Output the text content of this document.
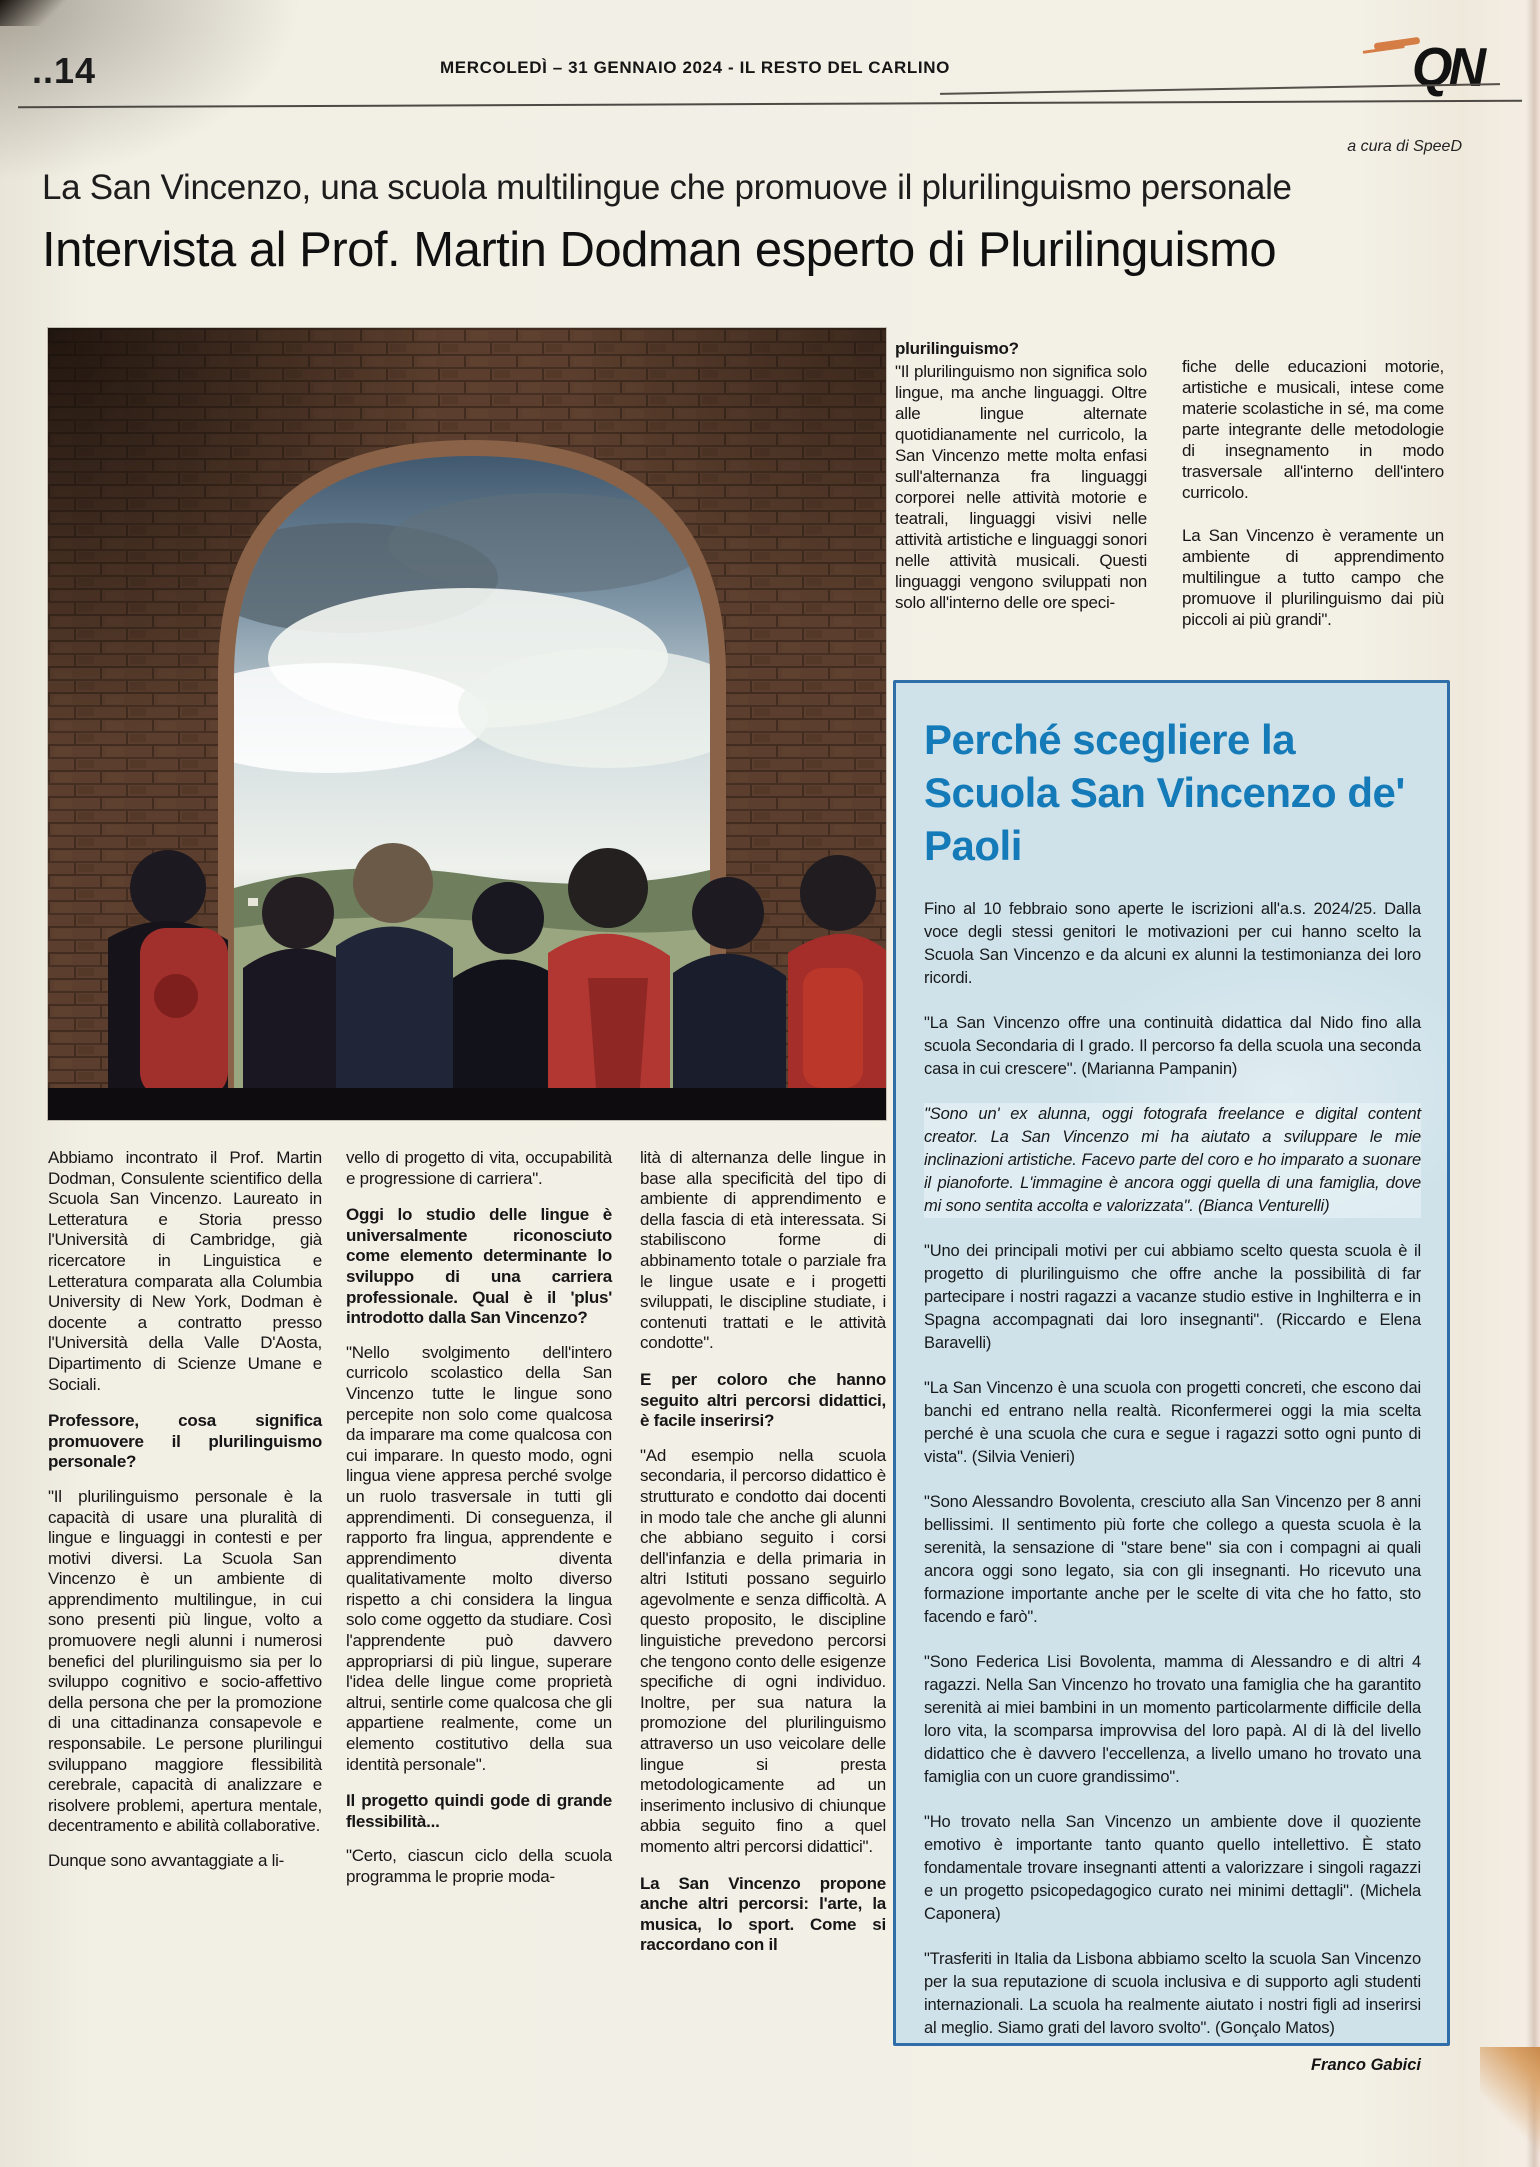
..14	MERCOLEDÌ – 31 GENNAIO 2024 - IL RESTO DEL CARLINO	QN
a cura di SpeeD
La San Vincenzo, una scuola multilingue che promuove il plurilinguismo personale
Intervista al Prof. Martin Dodman esperto di Plurilinguismo

plurilinguismo?

"Il plurilinguismo non significa solo lingue, ma anche linguaggi. Oltre alle lingue alternate quotidianamente nel curricolo, la San Vincenzo mette molta enfasi sull'alternanza fra linguaggi corporei nelle attività motorie e teatrali, linguaggi visivi nelle attività artistiche e linguaggi sonori nelle attività musicali. Questi linguaggi vengono sviluppati non solo all'interno delle ore speci-

fiche delle educazioni motorie, artistiche e musicali, intese come materie scolastiche in sé, ma come parte integrante delle metodologie di insegnamento in modo trasversale all'interno dell'intero curricolo.

La San Vincenzo è veramente un ambiente di apprendimento multilingue a tutto campo che promuove il plurilinguismo dai più piccoli ai più grandi".

Perché scegliere la Scuola San Vincenzo de' Paoli

Fino al 10 febbraio sono aperte le iscrizioni all'a.s. 2024/25. Dalla voce degli stessi genitori le motivazioni per cui hanno scelto la Scuola San Vincenzo e da alcuni ex alunni la testimonianza dei loro ricordi.

"La San Vincenzo offre una continuità didattica dal Nido fino alla scuola Secondaria di I grado. Il percorso fa della scuola una seconda casa in cui crescere". (Marianna Pampanin)

"Sono un' ex alunna, oggi fotografa freelance e digital content creator. La San Vincenzo mi ha aiutato a sviluppare le mie inclinazioni artistiche. Facevo parte del coro e ho imparato a suonare il pianoforte. L'immagine è ancora oggi quella di una famiglia, dove mi sono sentita accolta e valorizzata". (Bianca Venturelli)

"Uno dei principali motivi per cui abbiamo scelto questa scuola è il progetto di plurilinguismo che offre anche la possibilità di far partecipare i nostri ragazzi a vacanze studio estive in Inghilterra e in Spagna accompagnati dai loro insegnanti". (Riccardo e Elena Baravelli)

"La San Vincenzo è una scuola con progetti concreti, che escono dai banchi ed entrano nella realtà. Riconfermerei oggi la mia scelta perché è una scuola che cura e segue i ragazzi sotto ogni punto di vista". (Silvia Venieri)

"Sono Alessandro Bovolenta, cresciuto alla San Vincenzo per 8 anni bellissimi. Il sentimento più forte che collego a questa scuola è la serenità, la sensazione di "stare bene" sia con i compagni ai quali ancora oggi sono legato, sia con gli insegnanti. Ho ricevuto una formazione importante anche per le scelte di vita che ho fatto, sto facendo e farò".

"Sono Federica Lisi Bovolenta, mamma di Alessandro e di altri 4 ragazzi. Nella San Vincenzo ho trovato una famiglia che ha garantito serenità ai miei bambini in un momento particolarmente difficile della loro vita, la scomparsa improvvisa del loro papà. Al di là del livello didattico che è davvero l'eccellenza, a livello umano ho trovato una famiglia con un cuore grandissimo".

"Ho trovato nella San Vincenzo un ambiente dove il quoziente emotivo è importante tanto quanto quello intellettivo. È stato fondamentale trovare insegnanti attenti a valorizzare i singoli ragazzi e un progetto psicopedagogico curato nei minimi dettagli". (Michela Caponera)

"Trasferiti in Italia da Lisbona abbiamo scelto la scuola San Vincenzo per la sua reputazione di scuola inclusiva e di supporto agli studenti internazionali. La scuola ha realmente aiutato i nostri figli ad inserirsi al meglio. Siamo grati del lavoro svolto". (Gonçalo Matos)

Franco Gabici

Abbiamo incontrato il Prof. Martin Dodman, Consulente scientifico della Scuola San Vincenzo. Laureato in Letteratura e Storia presso l'Università di Cambridge, già ricercatore in Linguistica e Letteratura comparata alla Columbia University di New York, Dodman è docente a contratto presso l'Università della Valle D'Aosta, Dipartimento di Scienze Umane e Sociali.

Professore, cosa significa promuovere il plurilinguismo personale?

"Il plurilinguismo personale è la capacità di usare una pluralità di lingue e linguaggi in contesti e per motivi diversi. La Scuola San Vincenzo è un ambiente di apprendimento multilingue, in cui sono presenti più lingue, volto a promuovere negli alunni i numerosi benefici del plurilinguismo sia per lo sviluppo cognitivo e socio-affettivo della persona che per la promozione di una cittadinanza consapevole e responsabile. Le persone plurilingui sviluppano maggiore flessibilità cerebrale, capacità di analizzare e risolvere problemi, apertura mentale, decentramento e abilità collaborative.

Dunque sono avvantaggiate a li-

vello di progetto di vita, occupabilità e progressione di carriera".

Oggi lo studio delle lingue è universalmente riconosciuto come elemento determinante lo sviluppo di una carriera professionale. Qual è il 'plus' introdotto dalla San Vincenzo?

"Nello svolgimento dell'intero curricolo scolastico della San Vincenzo tutte le lingue sono percepite non solo come qualcosa da imparare ma come qualcosa con cui imparare. In questo modo, ogni lingua viene appresa perché svolge un ruolo trasversale in tutti gli apprendimenti. Di conseguenza, il rapporto fra lingua, apprendente e apprendimento diventa qualitativamente molto diverso rispetto a chi considera la lingua solo come oggetto da studiare. Così l'apprendente può davvero appropriarsi di più lingue, superare l'idea delle lingue come proprietà altrui, sentirle come qualcosa che gli appartiene realmente, come un elemento costitutivo della sua identità personale".

Il progetto quindi gode di grande flessibilità...

"Certo, ciascun ciclo della scuola programma le proprie moda-

lità di alternanza delle lingue in base alla specificità del tipo di ambiente di apprendimento e della fascia di età interessata. Si stabiliscono forme di abbinamento totale o parziale fra le lingue usate e i progetti sviluppati, le discipline studiate, i contenuti trattati e le attività condotte".

E per coloro che hanno seguito altri percorsi didattici, è facile inserirsi?

"Ad esempio nella scuola secondaria, il percorso didattico è strutturato e condotto dai docenti in modo tale che anche gli alunni che abbiano seguito i corsi dell'infanzia e della primaria in altri Istituti possano seguirlo agevolmente e senza difficoltà. A questo proposito, le discipline linguistiche prevedono percorsi che tengono conto delle esigenze specifiche di ogni individuo. Inoltre, per sua natura la promozione del plurilinguismo attraverso un uso veicolare delle lingue si presta metodologicamente ad un inserimento inclusivo di chiunque abbia seguito fino a quel momento altri percorsi didattici".

La San Vincenzo propone anche altri percorsi: l'arte, la musica, lo sport. Come si raccordano con il
